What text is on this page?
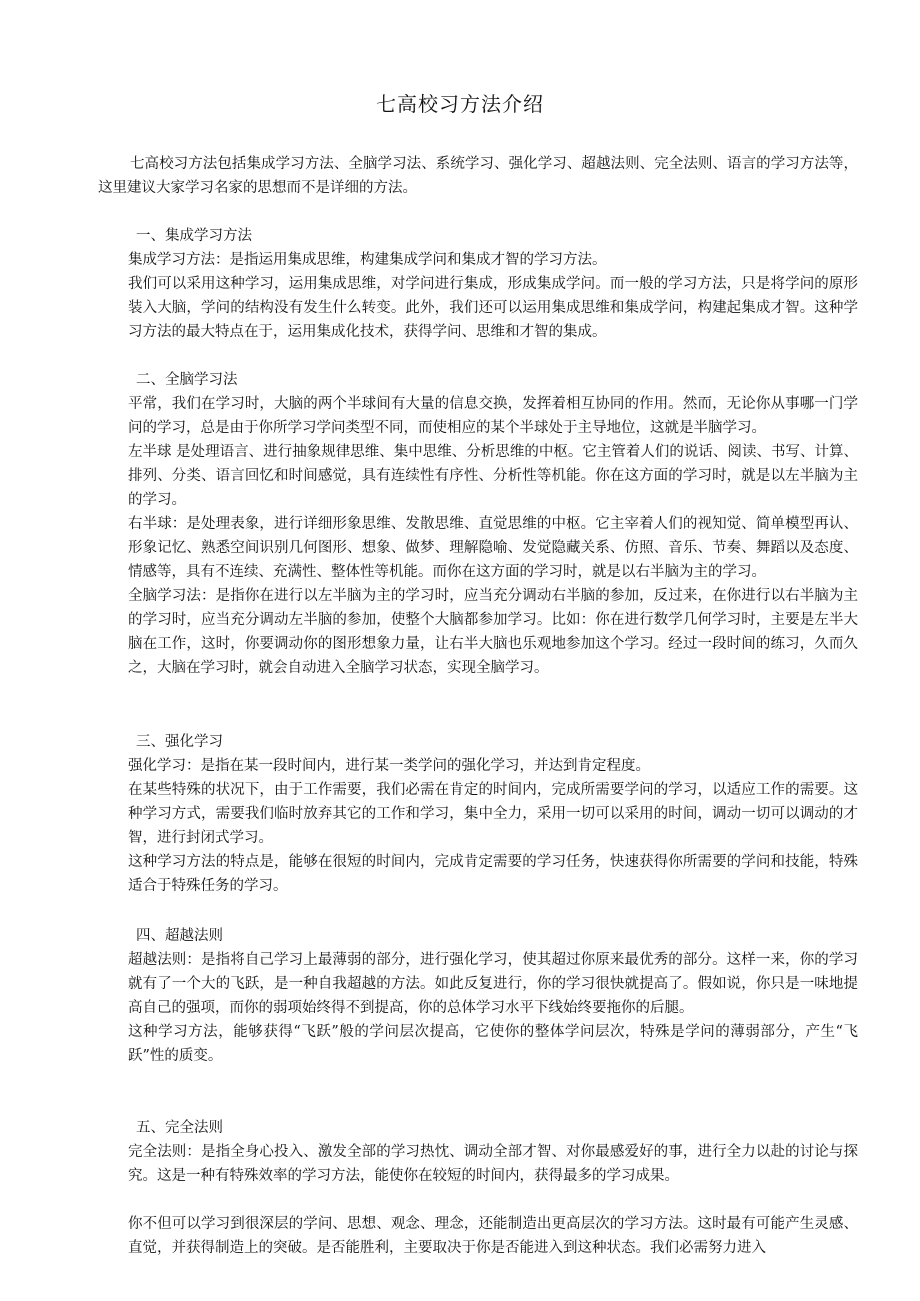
七高校习方法介绍
七高校习方法包括集成学习方法、全脑学习法、系统学习、强化学习、超越法则、完全法则、语言的学习方法等，这里建议大家学习名家的思想而不是详细的方法。
一、集成学习方法
集成学习方法：是指运用集成思维，构建集成学问和集成才智的学习方法。
我们可以采用这种学习，运用集成思维，对学问进行集成，形成集成学问。而一般的学习方法，只是将学问的原形装入大脑，学问的结构没有发生什么转变。此外，我们还可以运用集成思维和集成学问，构建起集成才智。这种学习方法的最大特点在于，运用集成化技术，获得学问、思维和才智的集成。
二、全脑学习法
平常，我们在学习时，大脑的两个半球间有大量的信息交换，发挥着相互协同的作用。然而，无论你从事哪一门学问的学习，总是由于你所学习学问类型不同，而使相应的某个半球处于主导地位，这就是半脑学习。
左半球 是处理语言、进行抽象规律思维、集中思维、分析思维的中枢。它主管着人们的说话、阅读、书写、计算、排列、分类、语言回忆和时间感觉，具有连续性有序性、分析性等机能。你在这方面的学习时，就是以左半脑为主的学习。
右半球：是处理表象，进行详细形象思维、发散思维、直觉思维的中枢。它主宰着人们的视知觉、简单模型再认、形象记忆、熟悉空间识别几何图形、想象、做梦、理解隐喻、发觉隐藏关系、仿照、音乐、节奏、舞蹈以及态度、情感等，具有不连续、充满性、整体性等机能。而你在这方面的学习时，就是以右半脑为主的学习。
全脑学习法：是指你在进行以左半脑为主的学习时，应当充分调动右半脑的参加，反过来，在你进行以右半脑为主的学习时，应当充分调动左半脑的参加，使整个大脑都参加学习。比如：你在进行数学几何学习时，主要是左半大脑在工作，这时，你要调动你的图形想象力量，让右半大脑也乐观地参加这个学习。经过一段时间的练习，久而久之，大脑在学习时，就会自动进入全脑学习状态，实现全脑学习。
三、强化学习
强化学习：是指在某一段时间内，进行某一类学问的强化学习，并达到肯定程度。
在某些特殊的状况下，由于工作需要，我们必需在肯定的时间内，完成所需要学问的学习，以适应工作的需要。这种学习方式，需要我们临时放弃其它的工作和学习，集中全力，采用一切可以采用的时间，调动一切可以调动的才智，进行封闭式学习。
这种学习方法的特点是，能够在很短的时间内，完成肯定需要的学习任务，快速获得你所需要的学问和技能，特殊适合于特殊任务的学习。
四、超越法则
超越法则：是指将自己学习上最薄弱的部分，进行强化学习，使其超过你原来最优秀的部分。这样一来，你的学习就有了一个大的飞跃，是一种自我超越的方法。如此反复进行，你的学习很快就提高了。假如说，你只是一味地提高自己的强项，而你的弱项始终得不到提高，你的总体学习水平下线始终要拖你的后腿。
这种学习方法，能够获得“飞跃”般的学问层次提高，它使你的整体学问层次，特殊是学问的薄弱部分，产生“飞跃”性的质变。
五、完全法则
完全法则：是指全身心投入、激发全部的学习热忱、调动全部才智、对你最感爱好的事，进行全力以赴的讨论与探究。这是一种有特殊效率的学习方法，能使你在较短的时间内，获得最多的学习成果。
你不但可以学习到很深层的学问、思想、观念、理念，还能制造出更高层次的学习方法。这时最有可能产生灵感、直觉，并获得制造上的突破。是否能胜利，主要取决于你是否能进入到这种状态。我们必需努力进入
